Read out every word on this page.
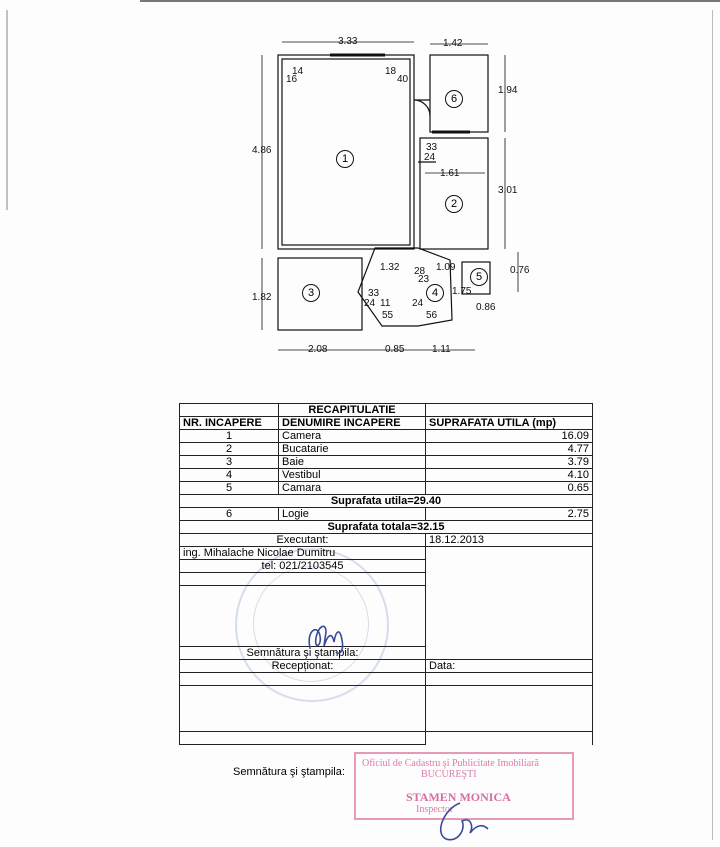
3.33	1.42
4.86
1.94
3.01
0.76
1.82
1.61
1.32	1.09
1.75
0.86
2.08	0.85	1.11
14
16
18
40
33
24
28
23
33
24 11
55
24
56
1
2
3	4
5
6
	RECAPITULATIE	
NR. INCAPERE	DENUMIRE INCAPERE	SUPRAFATA UTILA (mp)
1	Camera	16.09
2	Bucatarie	4.77
3	Baie	3.79
4	Vestibul	4.10
5	Camara	0.65
Suprafata utila=29.40		
6	Logie	2.75
Suprafata totala=32.15		
Executant:		18.12.2013
ing. Mihalache Nicolae Dumitru		
tel: 021/2103545		

Semnătura şi ştampila:		
Recepționat:		Data:

Semnătura şi ştampila:
Oficiul de Cadastru şi Publicitate Imobiliară
BUCUREŞTI
STAMEN MONICA
Inspector
